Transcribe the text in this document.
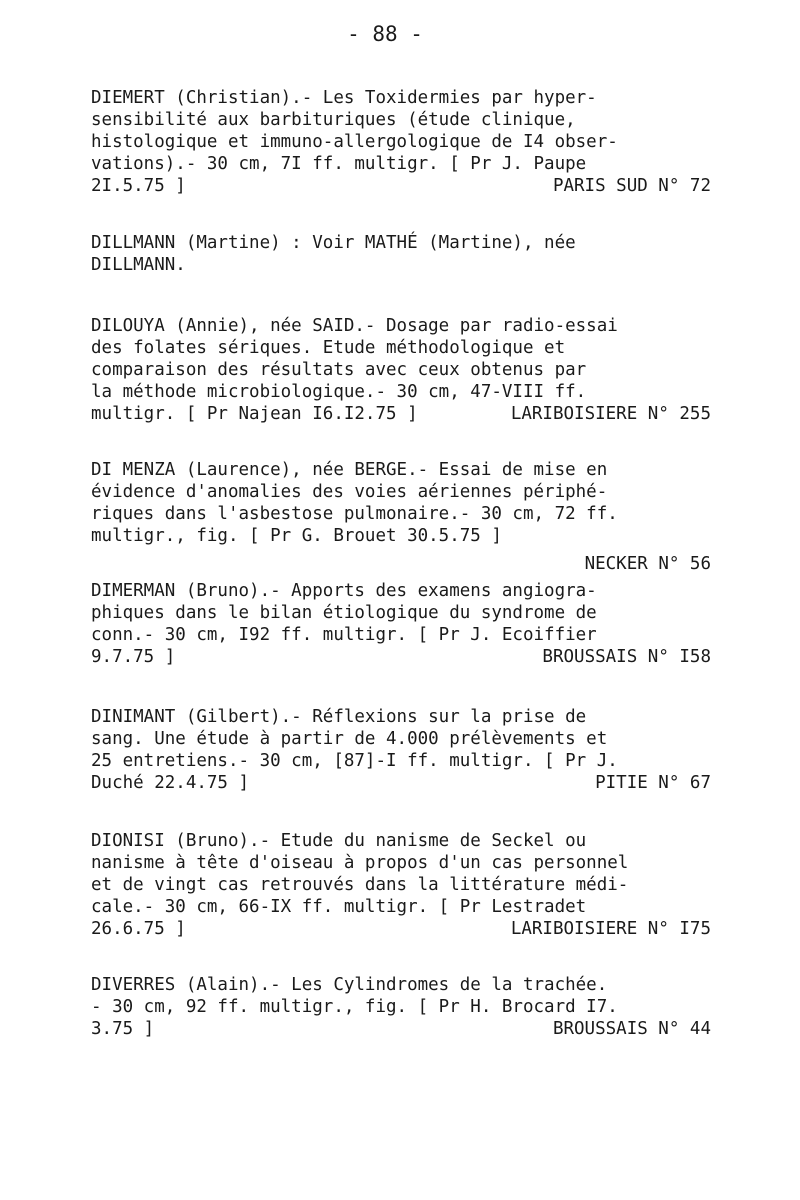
- 88 -
DIEMERT (Christian).- Les Toxidermies par hyper-
sensibilité aux barbituriques (étude clinique,
histologique et immuno-allergologique de I4 obser-
vations).- 30 cm, 7I ff. multigr. [ Pr J. Paupe
2I.5.75 ]	PARIS SUD N° 72
DILLMANN (Martine) : Voir MATHÉ (Martine), née
DILLMANN.
DILOUYA (Annie), née SAID.- Dosage par radio-essai
des folates sériques. Etude méthodologique et
comparaison des résultats avec ceux obtenus par
la méthode microbiologique.- 30 cm, 47-VIII ff.
multigr. [ Pr Najean I6.I2.75 ]	LARIBOISIERE N° 255
DI MENZA (Laurence), née BERGE.- Essai de mise en
évidence d'anomalies des voies aériennes périphé-
riques dans l'asbestose pulmonaire.- 30 cm, 72 ff.
multigr., fig. [ Pr G. Brouet 30.5.75 ]
NECKER N° 56
DIMERMAN (Bruno).- Apports des examens angiogra-
phiques dans le bilan étiologique du syndrome de
conn.- 30 cm, I92 ff. multigr. [ Pr J. Ecoiffier
9.7.75 ]	BROUSSAIS N° I58
DINIMANT (Gilbert).- Réflexions sur la prise de
sang. Une étude à partir de 4.000 prélèvements et
25 entretiens.- 30 cm, [87]-I ff. multigr. [ Pr J.
Duché 22.4.75 ]	PITIE N° 67
DIONISI (Bruno).- Etude du nanisme de Seckel ou
nanisme à tête d'oiseau à propos d'un cas personnel
et de vingt cas retrouvés dans la littérature médi-
cale.- 30 cm, 66-IX ff. multigr. [ Pr Lestradet
26.6.75 ]	LARIBOISIERE N° I75
DIVERRES (Alain).- Les Cylindromes de la trachée.
- 30 cm, 92 ff. multigr., fig. [ Pr H. Brocard I7.
3.75 ]	BROUSSAIS N° 44
